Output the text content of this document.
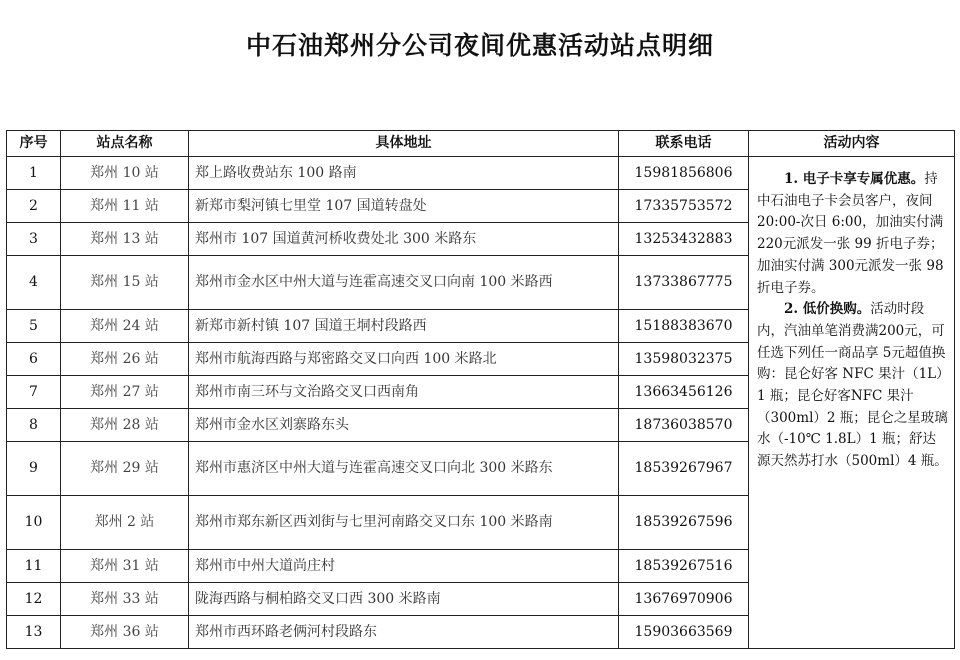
中石油郑州分公司夜间优惠活动站点明细
序号	站点名称	具体地址	联系电话	活动内容
1	郑州 10 站	郑上路收费站东 100 路南	15981856806	1. 电子卡享专属优惠。持中石油电子卡会员客户，夜间 20:00-次日 6:00，加油实付满220元派发一张 99 折电子券；加油实付满 300元派发一张 98 折电子券。

2. 低价换购。活动时段内，汽油单笔消费满200元，可任选下列任一商品享 5元超值换购：昆仑好客 NFC 果汁（1L）1 瓶；昆仑好客NFC 果汁（300ml）2 瓶；昆仑之星玻璃水（-10℃ 1.8L）1 瓶；舒达源天然苏打水（500ml）4 瓶。

2	郑州 11 站	新郑市梨河镇七里堂 107 国道转盘处	17335753572	
3	郑州 13 站	郑州市 107 国道黄河桥收费处北 300 米路东	13253432883	
4	郑州 15 站	郑州市金水区中州大道与连霍高速交叉口向南 100 米路西	13733867775	
5	郑州 24 站	新郑市新村镇 107 国道王垌村段路西	15188383670	
6	郑州 26 站	郑州市航海西路与郑密路交叉口向西 100 米路北	13598032375	
7	郑州 27 站	郑州市南三环与文治路交叉口西南角	13663456126	
8	郑州 28 站	郑州市金水区刘寨路东头	18736038570	
9	郑州 29 站	郑州市惠济区中州大道与连霍高速交叉口向北 300 米路东	18539267967	
10	郑州 2 站	郑州市郑东新区西刘街与七里河南路交叉口东 100 米路南	18539267596	
11	郑州 31 站	郑州市中州大道尚庄村	18539267516	
12	郑州 33 站	陇海西路与桐柏路交叉口西 300 米路南	13676970906	
13	郑州 36 站	郑州市西环路老俩河村段路东	15903663569	
